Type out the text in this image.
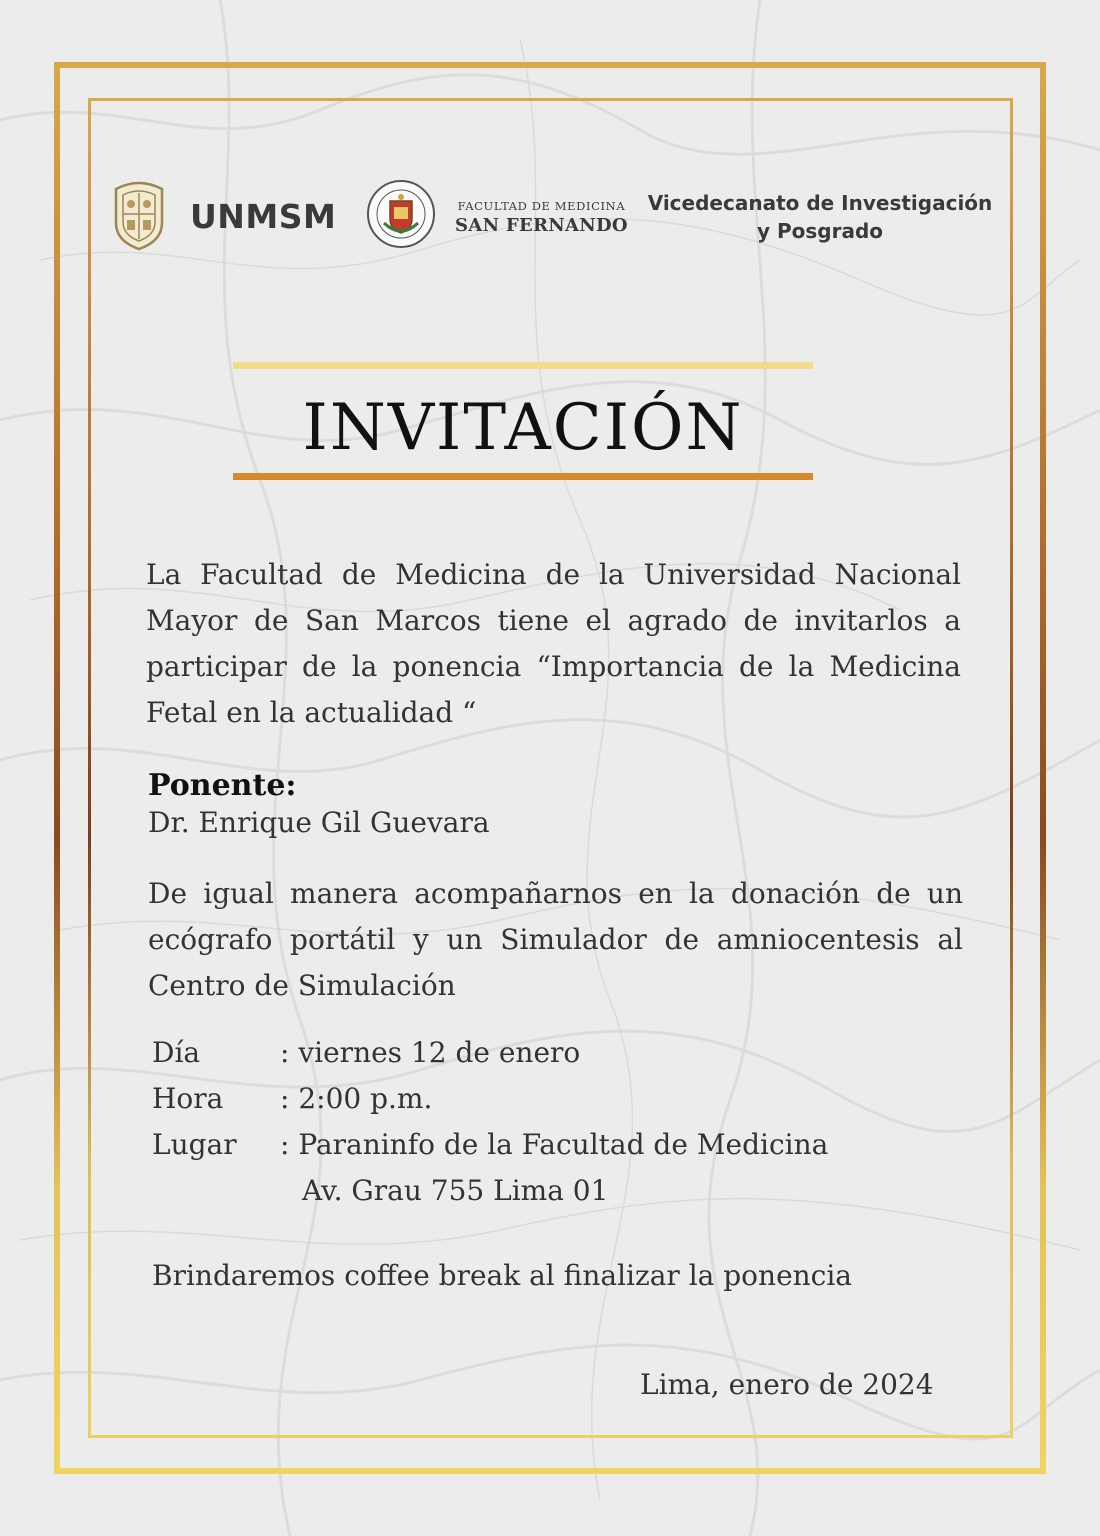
UNMSM	FACULTAD DE MEDICINA
SAN FERNANDO
Vicedecanato de Investigación
y Posgrado
INVITACIÓN
La Facultad de Medicina de la Universidad Nacional Mayor de San Marcos tiene el agrado de invitarlos a participar de la ponencia “Importancia de la Medicina Fetal en la actualidad “
Ponente:
Dr. Enrique Gil Guevara
De igual manera acompañarnos en la donación de un ecógrafo portátil y un Simulador de amniocentesis al Centro de Simulación
Día	: viernes 12 de enero
Hora : 2:00 p.m.
Lugar : Paraninfo de la Facultad de Medicina
Av. Grau 755 Lima 01
Brindaremos coffee break al finalizar la ponencia
Lima, enero de 2024
